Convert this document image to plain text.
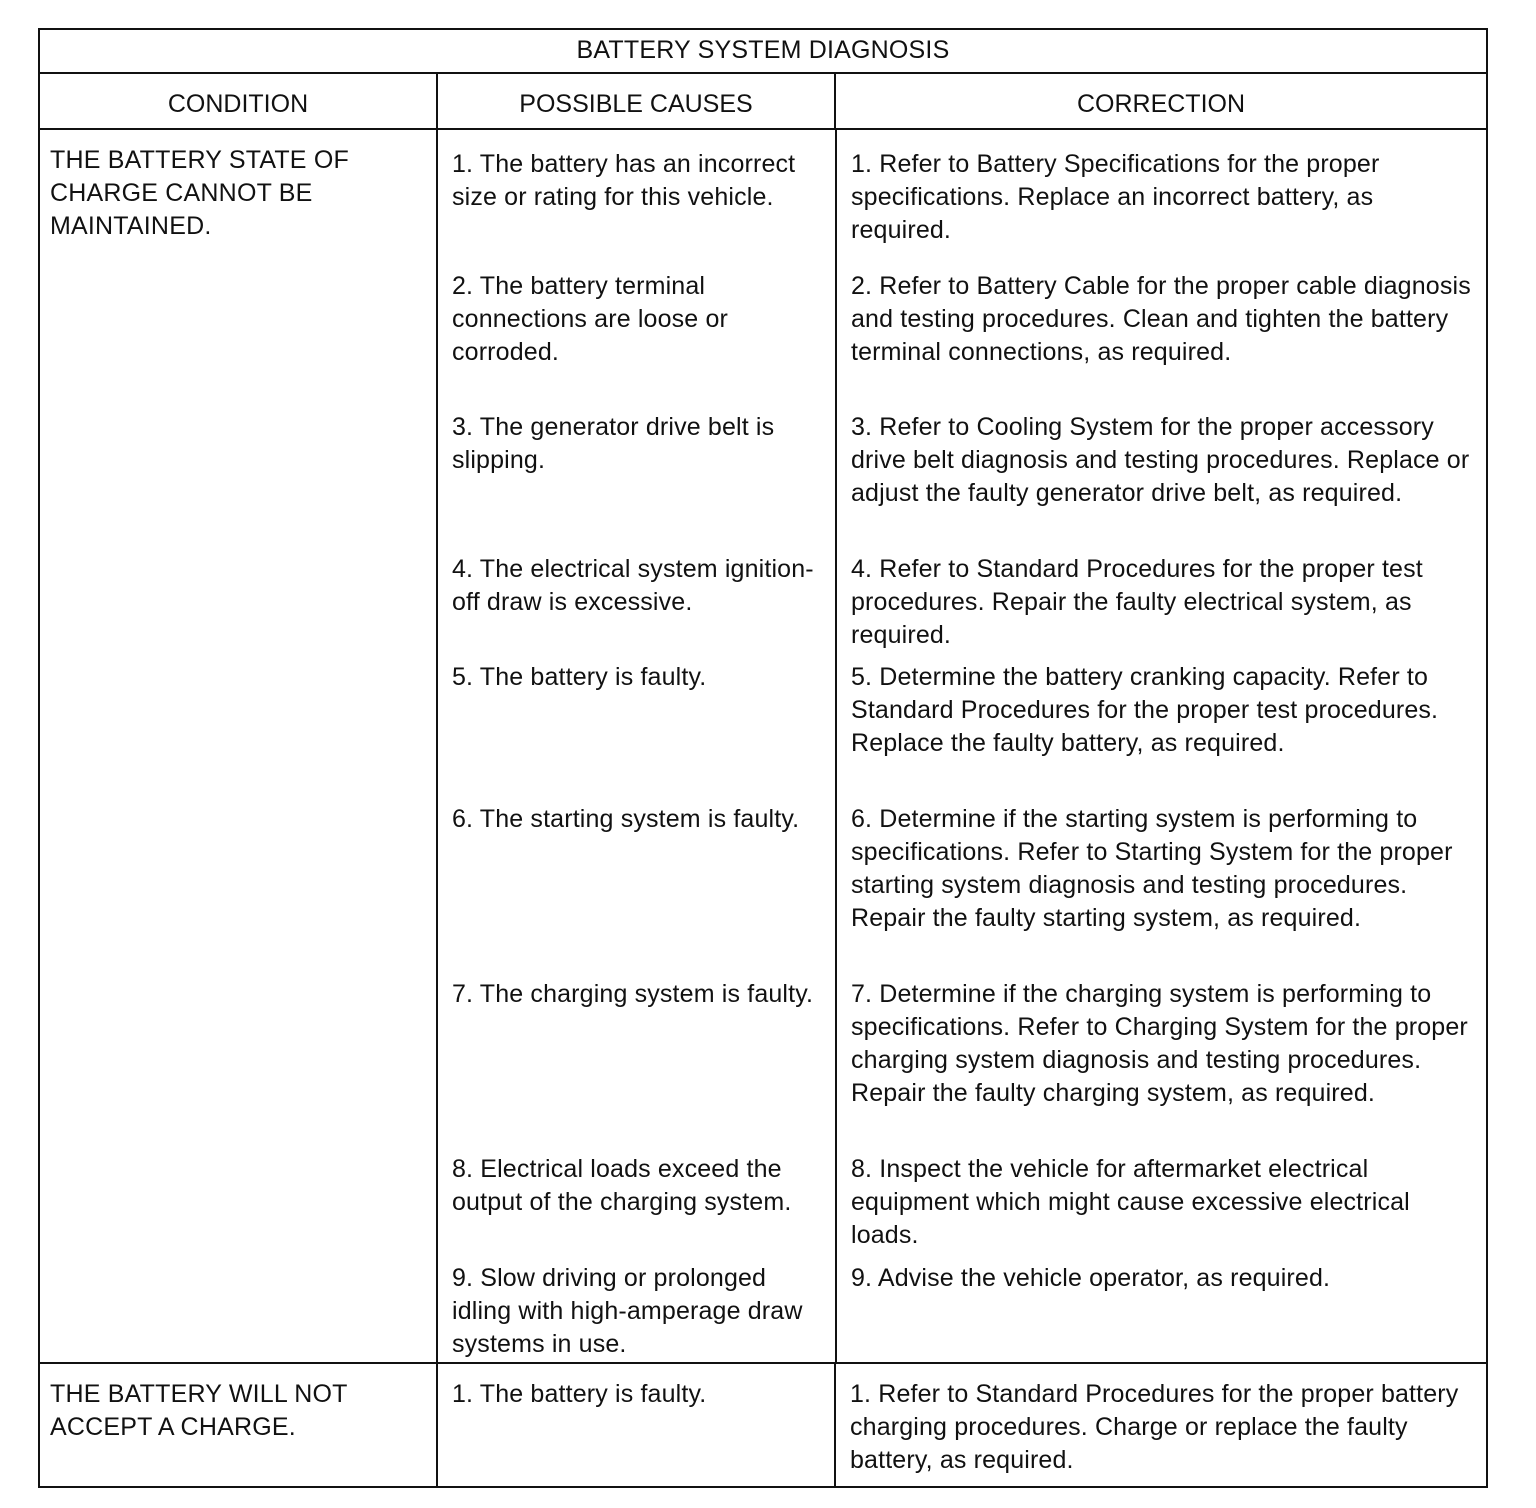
BATTERY SYSTEM DIAGNOSIS
CONDITION	POSSIBLE CAUSES	CORRECTION
THE BATTERY STATE OF CHARGE CANNOT BE MAINTAINED.	
1. The battery has an incorrect size or rating for this vehicle.	1. Refer to Battery Specifications for the proper specifications. Replace an incorrect battery, as required.
2. The battery terminal connections are loose or corroded.	2. Refer to Battery Cable for the proper cable diagnosis and testing procedures. Clean and tighten the battery terminal connections, as required.
3. The generator drive belt is slipping.	3. Refer to Cooling System for the proper accessory drive belt diagnosis and testing procedures. Replace or adjust the faulty generator drive belt, as required.
4. The electrical system ignition-off draw is excessive.	4. Refer to Standard Procedures for the proper test procedures. Repair the faulty electrical system, as required.
5. The battery is faulty.	5. Determine the battery cranking capacity. Refer to Standard Procedures for the proper test procedures. Replace the faulty battery, as required.
6. The starting system is faulty.	6. Determine if the starting system is performing to specifications. Refer to Starting System for the proper starting system diagnosis and testing procedures. Repair the faulty starting system, as required.
7. The charging system is faulty.	7. Determine if the charging system is performing to specifications. Refer to Charging System for the proper charging system diagnosis and testing procedures. Repair the faulty charging system, as required.
8. Electrical loads exceed the output of the charging system.	8. Inspect the vehicle for aftermarket electrical equipment which might cause excessive electrical loads.
9. Slow driving or prolonged idling with high-amperage draw systems in use.	9. Advise the vehicle operator, as required.

THE BATTERY WILL NOT ACCEPT A CHARGE.	1. The battery is faulty.	1. Refer to Standard Procedures for the proper battery charging procedures. Charge or replace the faulty battery, as required.
